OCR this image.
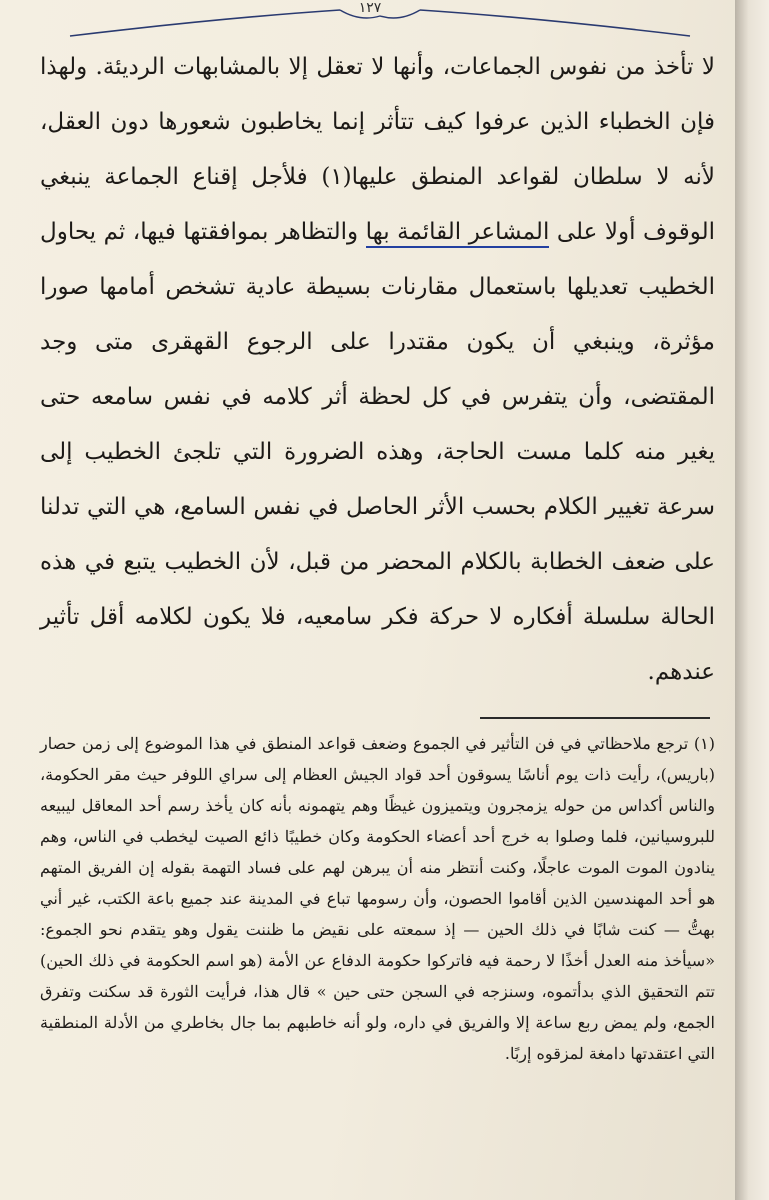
١٢٧

لا تأخذ من نفوس الجماعات، وأنها لا تعقل إلا بالمشابهات الرديئة. ولهذا فإن الخطباء الذين عرفوا كيف تتأثر إنما يخاطبون شعورها دون العقل، لأنه لا سلطان لقواعد المنطق عليها(١) فلأجل إقناع الجماعة ينبغي الوقوف أولا على المشاعر القائمة بها والتظاهر بموافقتها فيها، ثم يحاول الخطيب تعديلها باستعمال مقارنات بسيطة عادية تشخص أمامها صورا مؤثرة، وينبغي أن يكون مقتدرا على الرجوع القهقرى متى وجد المقتضى، وأن يتفرس في كل لحظة أثر كلامه في نفس سامعه حتى يغير منه كلما مست الحاجة، وهذه الضرورة التي تلجئ الخطيب إلى سرعة تغيير الكلام بحسب الأثر الحاصل في نفس السامع، هي التي تدلنا على ضعف الخطابة بالكلام المحضر من قبل، لأن الخطيب يتبع في هذه الحالة سلسلة أفكاره لا حركة فكر سامعيه، فلا يكون لكلامه أقل تأثير عندهم.

(١) ترجع ملاحظاتي في فن التأثير في الجموع وضعف قواعد المنطق في هذا الموضوع إلى زمن حصار (باريس)، رأيت ذات يوم أناسًا يسوقون أحد قواد الجيش العظام إلى سراي اللوفر حيث مقر الحكومة، والناس أكداس من حوله يزمجرون ويتميزون غيظًا وهم يتهمونه بأنه كان يأخذ رسم أحد المعاقل ليبيعه للبروسيانين، فلما وصلوا به خرج أحد أعضاء الحكومة وكان خطيبًا ذائع الصيت ليخطب في الناس، وهم ينادون الموت الموت عاجلًا، وكنت أنتظر منه أن يبرهن لهم على فساد التهمة بقوله إن الفريق المتهم هو أحد المهندسين الذين أقاموا الحصون، وأن رسومها تباع في المدينة عند جميع باعة الكتب، غير أني بهتُّ — كنت شابًا في ذلك الحين — إذ سمعته على نقيض ما ظننت يقول وهو يتقدم نحو الجموع: «سيأخذ منه العدل أخذًا لا رحمة فيه فاتركوا حكومة الدفاع عن الأمة (هو اسم الحكومة في ذلك الحين) تتم التحقيق الذي بدأتموه، وسنزجه في السجن حتى حين » قال هذا، فرأيت الثورة قد سكنت وتفرق الجمع، ولم يمض ربع ساعة إلا والفريق في داره، ولو أنه خاطبهم بما جال بخاطري من الأدلة المنطقية التي اعتقدتها دامغة لمزقوه إربًا.
